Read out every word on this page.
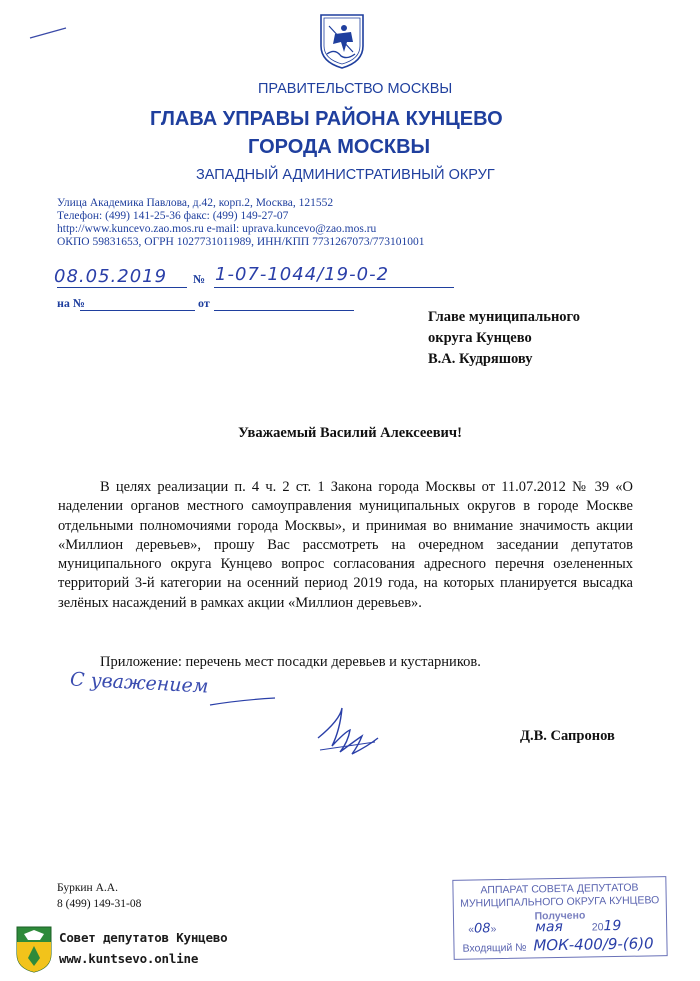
ПРАВИТЕЛЬСТВО МОСКВЫ
ГЛАВА УПРАВЫ РАЙОНА КУНЦЕВО
ГОРОДА МОСКВЫ
ЗАПАДНЫЙ АДМИНИСТРАТИВНЫЙ ОКРУГ
Улица Академика Павлова, д.42, корп.2, Москва, 121552
Телефон: (499) 141-25-36 факс: (499) 149-27-07
http://www.kuncevo.zao.mos.ru e-mail: uprava.kuncevo@zao.mos.ru
ОКПО 59831653, ОГРН 1027731011989, ИНН/КПП 7731267073/773101001
08.05.2019 № 1-07-1044/19-0-2
на №	от
Главе муниципального
округа Кунцево
В.А. Кудряшову
Уважаемый Василий Алексеевич!
В целях реализации п. 4 ч. 2 ст. 1 Закона города Москвы от 11.07.2012 № 39 «О наделении органов местного самоуправления муниципальных округов в городе Москве отдельными полномочиями города Москвы», и принимая во внимание значимость акции «Миллион деревьев», прошу Вас рассмотреть на очередном заседании депутатов муниципального округа Кунцево вопрос согласования адресного перечня озелененных территорий 3-й категории на осенний период 2019 года, на которых планируется высадка зелёных насаждений в рамках акции «Миллион деревьев».
Приложение: перечень мест посадки деревьев и кустарников.
С уважением
Д.В. Сапронов
Буркин А.А.
8 (499) 149-31-08
АППАРАТ СОВЕТА ДЕПУТАТОВ
МУНИЦИПАЛЬНОГО ОКРУГА КУНЦЕВО
Получено
«08»	мая	2019
Входящий № МОК-400/9-(6)0
Совет депутатов Кунцево
www.kuntsevo.online
